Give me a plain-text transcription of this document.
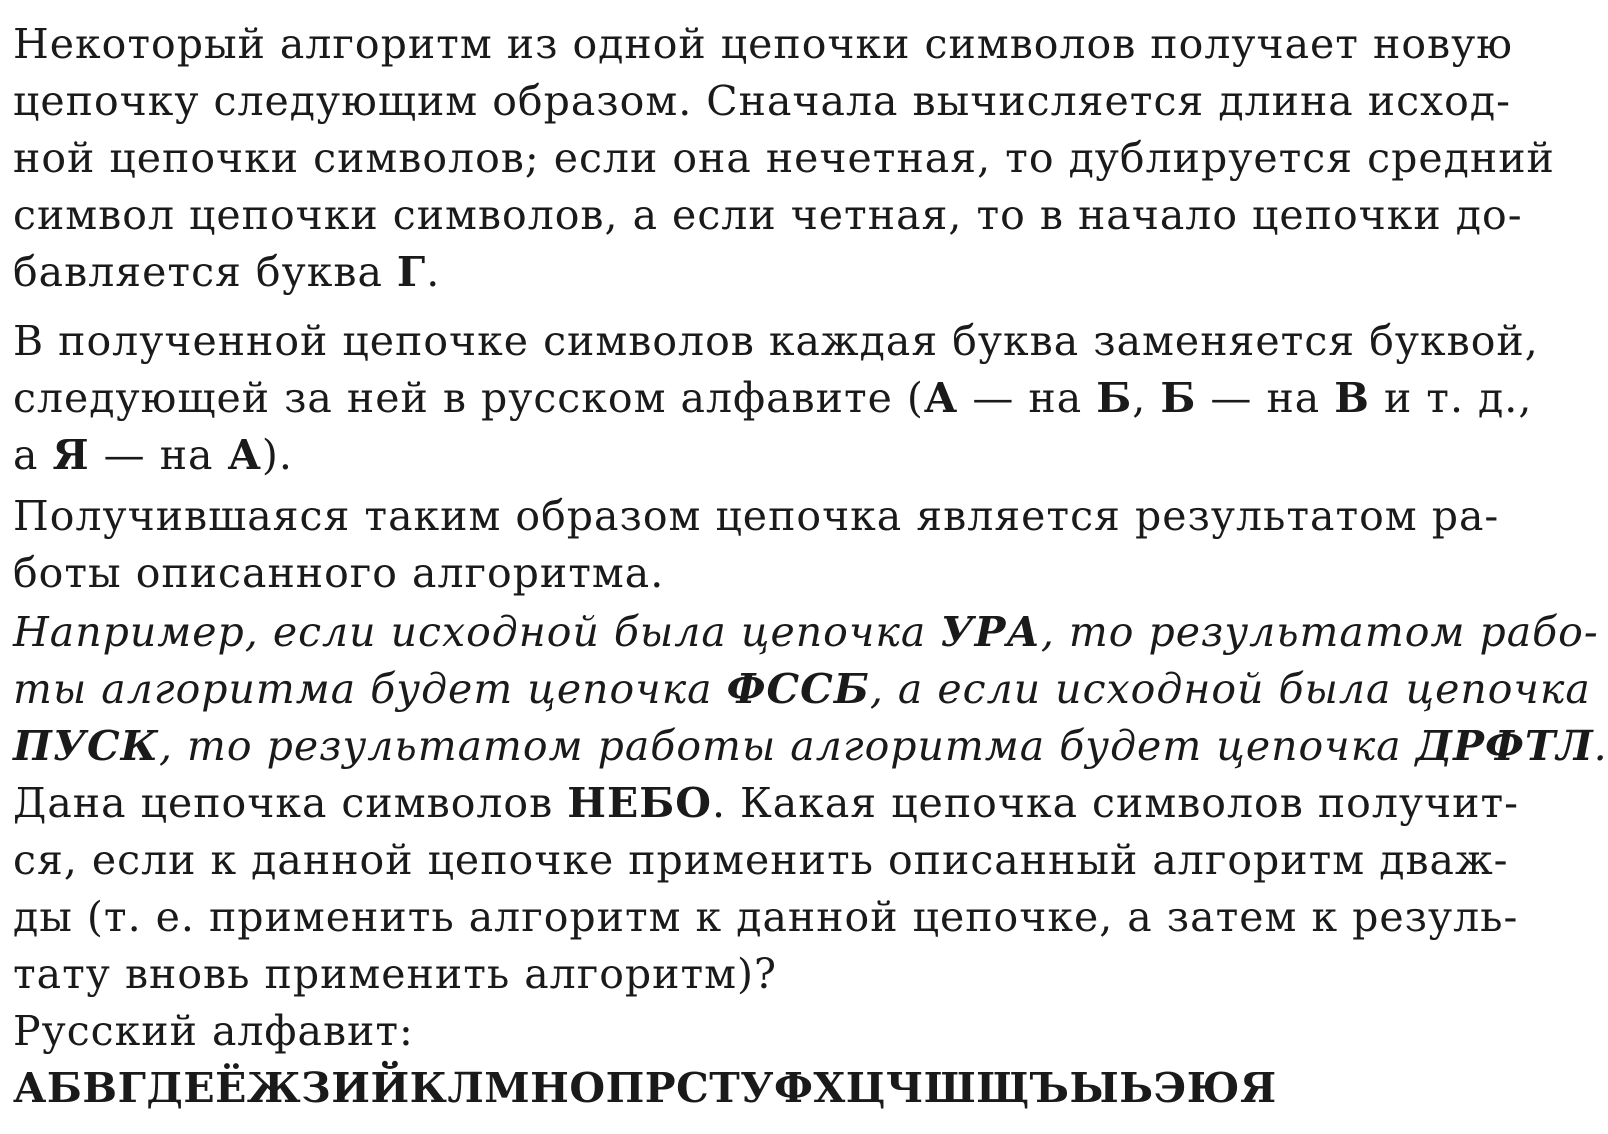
Некоторый алгоритм из одной цепочки символов получает новую
цепочку следующим образом. Сначала вычисляется длина исход-
ной цепочки символов; если она нечетная, то дублируется средний
символ цепочки символов, а если четная, то в начало цепочки до-
бавляется буква Г.
В полученной цепочке символов каждая буква заменяется буквой,
следующей за ней в русском алфавите (А — на Б, Б — на В и т. д.,
а Я — на А).
Получившаяся таким образом цепочка является результатом ра-
боты описанного алгоритма.
Например, если исходной была цепочка УРА, то результатом рабо-
ты алгоритма будет цепочка ФССБ, а если исходной была цепочка
ПУСК, то результатом работы алгоритма будет цепочка ДРФТЛ.
Дана цепочка символов НЕБО. Какая цепочка символов получит-
ся, если к данной цепочке применить описанный алгоритм дваж-
ды (т. е. применить алгоритм к данной цепочке, а затем к резуль-
тату вновь применить алгоритм)?
Русский алфавит:
АБВГДЕЁЖЗИЙКЛМНОПРСТУФХЦЧШЩЪЫЬЭЮЯ
